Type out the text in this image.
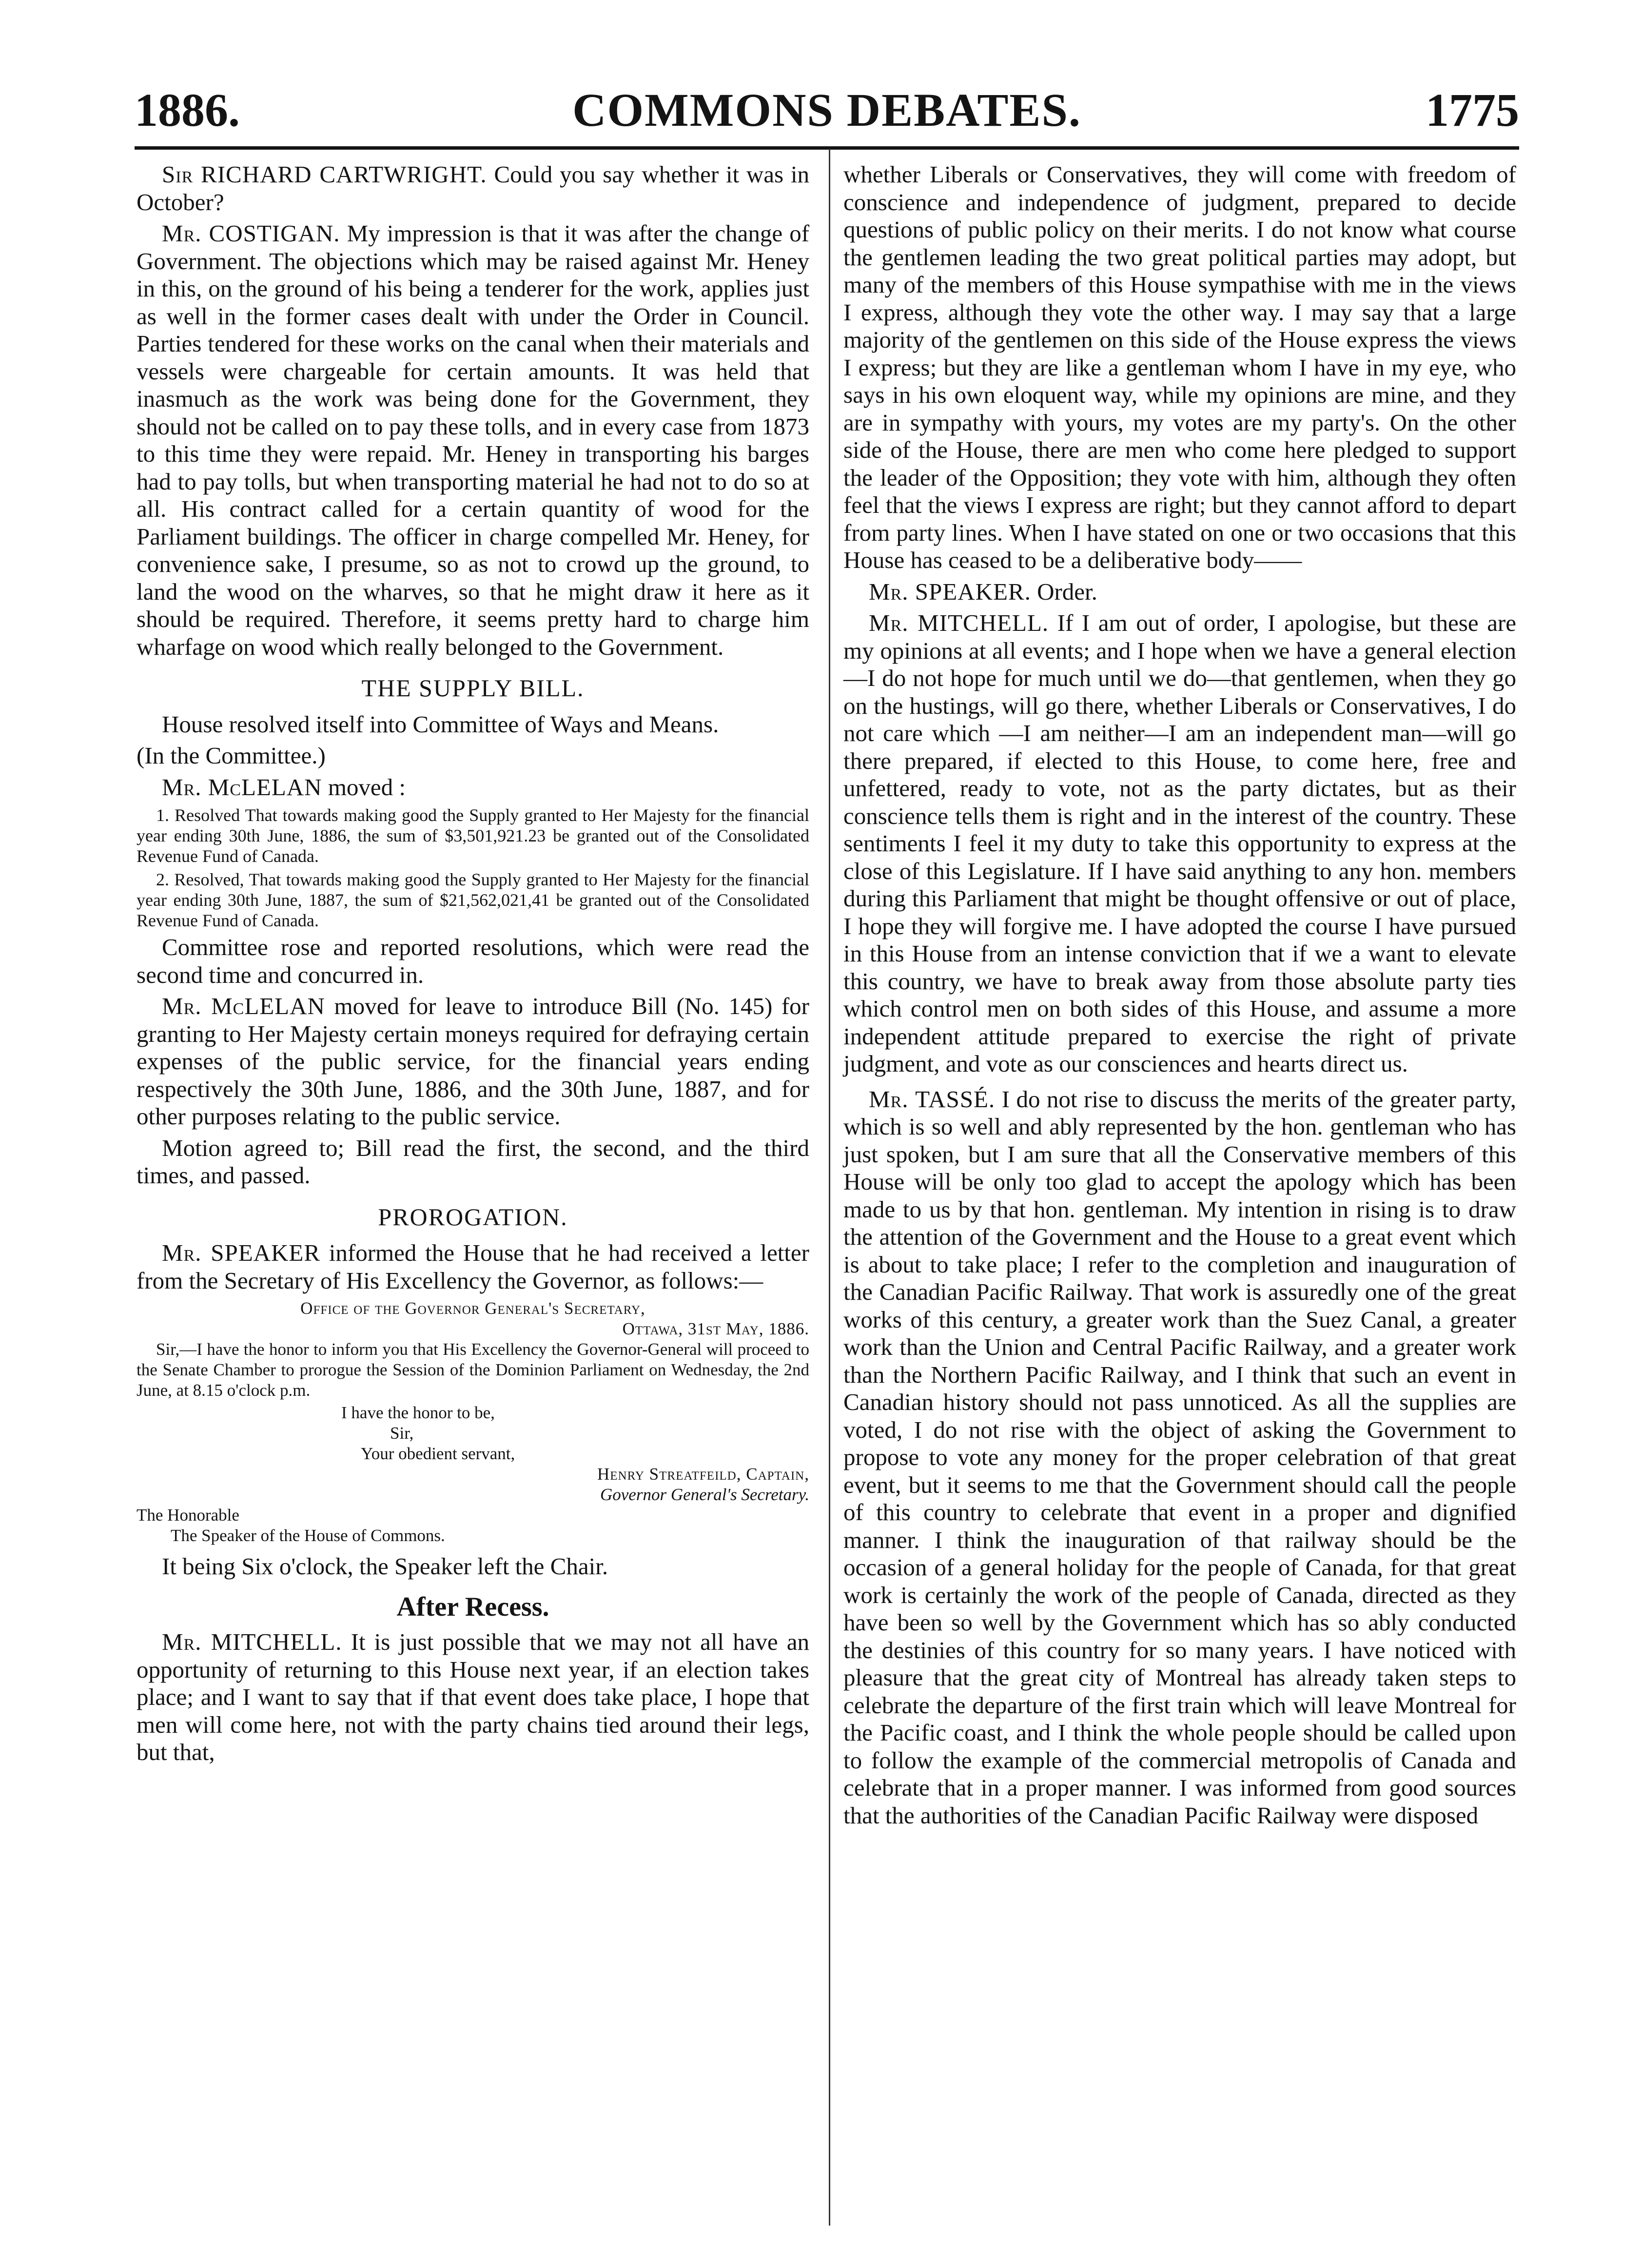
1886.	COMMONS DEBATES.	1775

Sir RICHARD CARTWRIGHT. Could you say whether it was in October?

Mr. COSTIGAN. My impression is that it was after the change of Government. The objections which may be raised against Mr. Heney in this, on the ground of his being a tenderer for the work, applies just as well in the former cases dealt with under the Order in Council. Parties tendered for these works on the canal when their materials and vessels were chargeable for certain amounts. It was held that inasmuch as the work was being done for the Government, they should not be called on to pay these tolls, and in every case from 1873 to this time they were repaid. Mr. Heney in transporting his barges had to pay tolls, but when transporting material he had not to do so at all. His contract called for a certain quantity of wood for the Parliament buildings. The officer in charge compelled Mr. Heney, for convenience sake, I presume, so as not to crowd up the ground, to land the wood on the wharves, so that he might draw it here as it should be required. Therefore, it seems pretty hard to charge him wharfage on wood which really belonged to the Government.

THE SUPPLY BILL.

House resolved itself into Committee of Ways and Means.

(In the Committee.)

Mr. McLELAN moved :

1. Resolved That towards making good the Supply granted to Her Majesty for the financial year ending 30th June, 1886, the sum of $3,501,921.23 be granted out of the Consolidated Revenue Fund of Canada.

2. Resolved, That towards making good the Supply granted to Her Majesty for the financial year ending 30th June, 1887, the sum of $21,562,021,41 be granted out of the Consolidated Revenue Fund of Canada.

Committee rose and reported resolutions, which were read the second time and concurred in.

Mr. McLELAN moved for leave to introduce Bill (No. 145) for granting to Her Majesty certain moneys required for defraying certain expenses of the public service, for the financial years ending respectively the 30th June, 1886, and the 30th June, 1887, and for other purposes relating to the public service.

Motion agreed to; Bill read the first, the second, and the third times, and passed.

PROROGATION.

Mr. SPEAKER informed the House that he had received a letter from the Secretary of His Excellency the Governor, as follows:—

Office of the Governor General's Secretary,
Ottawa, 31st May, 1886.

Sir,—I have the honor to inform you that His Excellency the Governor-General will proceed to the Senate Chamber to prorogue the Session of the Dominion Parliament on Wednesday, the 2nd June, at 8.15 o'clock p.m.

I have the honor to be,
Sir,
Your obedient servant,
Henry Streatfeild, Captain,
Governor General's Secretary.
The Honorable
The Speaker of the House of Commons.

It being Six o'clock, the Speaker left the Chair.

After Recess.

Mr. MITCHELL. It is just possible that we may not all have an opportunity of returning to this House next year, if an election takes place; and I want to say that if that event does take place, I hope that men will come here, not with the party chains tied around their legs, but that,

whether Liberals or Conservatives, they will come with freedom of conscience and independence of judgment, prepared to decide questions of public policy on their merits. I do not know what course the gentlemen leading the two great political parties may adopt, but many of the members of this House sympathise with me in the views I express, although they vote the other way. I may say that a large majority of the gentlemen on this side of the House express the views I express; but they are like a gentleman whom I have in my eye, who says in his own eloquent way, while my opinions are mine, and they are in sympathy with yours, my votes are my party's. On the other side of the House, there are men who come here pledged to support the leader of the Opposition; they vote with him, although they often feel that the views I express are right; but they cannot afford to depart from party lines. When I have stated on one or two occasions that this House has ceased to be a deliberative body——

Mr. SPEAKER. Order.

Mr. MITCHELL. If I am out of order, I apologise, but these are my opinions at all events; and I hope when we have a general election—I do not hope for much until we do—that gentlemen, when they go on the hustings, will go there, whether Liberals or Conservatives, I do not care which —I am neither—I am an independent man—will go there prepared, if elected to this House, to come here, free and unfettered, ready to vote, not as the party dictates, but as their conscience tells them is right and in the interest of the country. These sentiments I feel it my duty to take this opportunity to express at the close of this Legislature. If I have said anything to any hon. members during this Parliament that might be thought offensive or out of place, I hope they will forgive me. I have adopted the course I have pursued in this House from an intense conviction that if we a want to elevate this country, we have to break away from those absolute party ties which control men on both sides of this House, and assume a more independent attitude prepared to exercise the right of private judgment, and vote as our consciences and hearts direct us.

Mr. TASSÉ. I do not rise to discuss the merits of the greater party, which is so well and ably represented by the hon. gentleman who has just spoken, but I am sure that all the Conservative members of this House will be only too glad to accept the apology which has been made to us by that hon. gentleman. My intention in rising is to draw the attention of the Government and the House to a great event which is about to take place; I refer to the completion and inauguration of the Canadian Pacific Railway. That work is assuredly one of the great works of this century, a greater work than the Suez Canal, a greater work than the Union and Central Pacific Railway, and a greater work than the Northern Pacific Railway, and I think that such an event in Canadian history should not pass unnoticed. As all the supplies are voted, I do not rise with the object of asking the Government to propose to vote any money for the proper celebration of that great event, but it seems to me that the Government should call the people of this country to celebrate that event in a proper and dignified manner. I think the inauguration of that railway should be the occasion of a general holiday for the people of Canada, for that great work is certainly the work of the people of Canada, directed as they have been so well by the Government which has so ably conducted the destinies of this country for so many years. I have noticed with pleasure that the great city of Montreal has already taken steps to celebrate the departure of the first train which will leave Montreal for the Pacific coast, and I think the whole people should be called upon to follow the example of the commercial metropolis of Canada and celebrate that in a proper manner. I was informed from good sources that the authorities of the Canadian Pacific Railway were disposed
